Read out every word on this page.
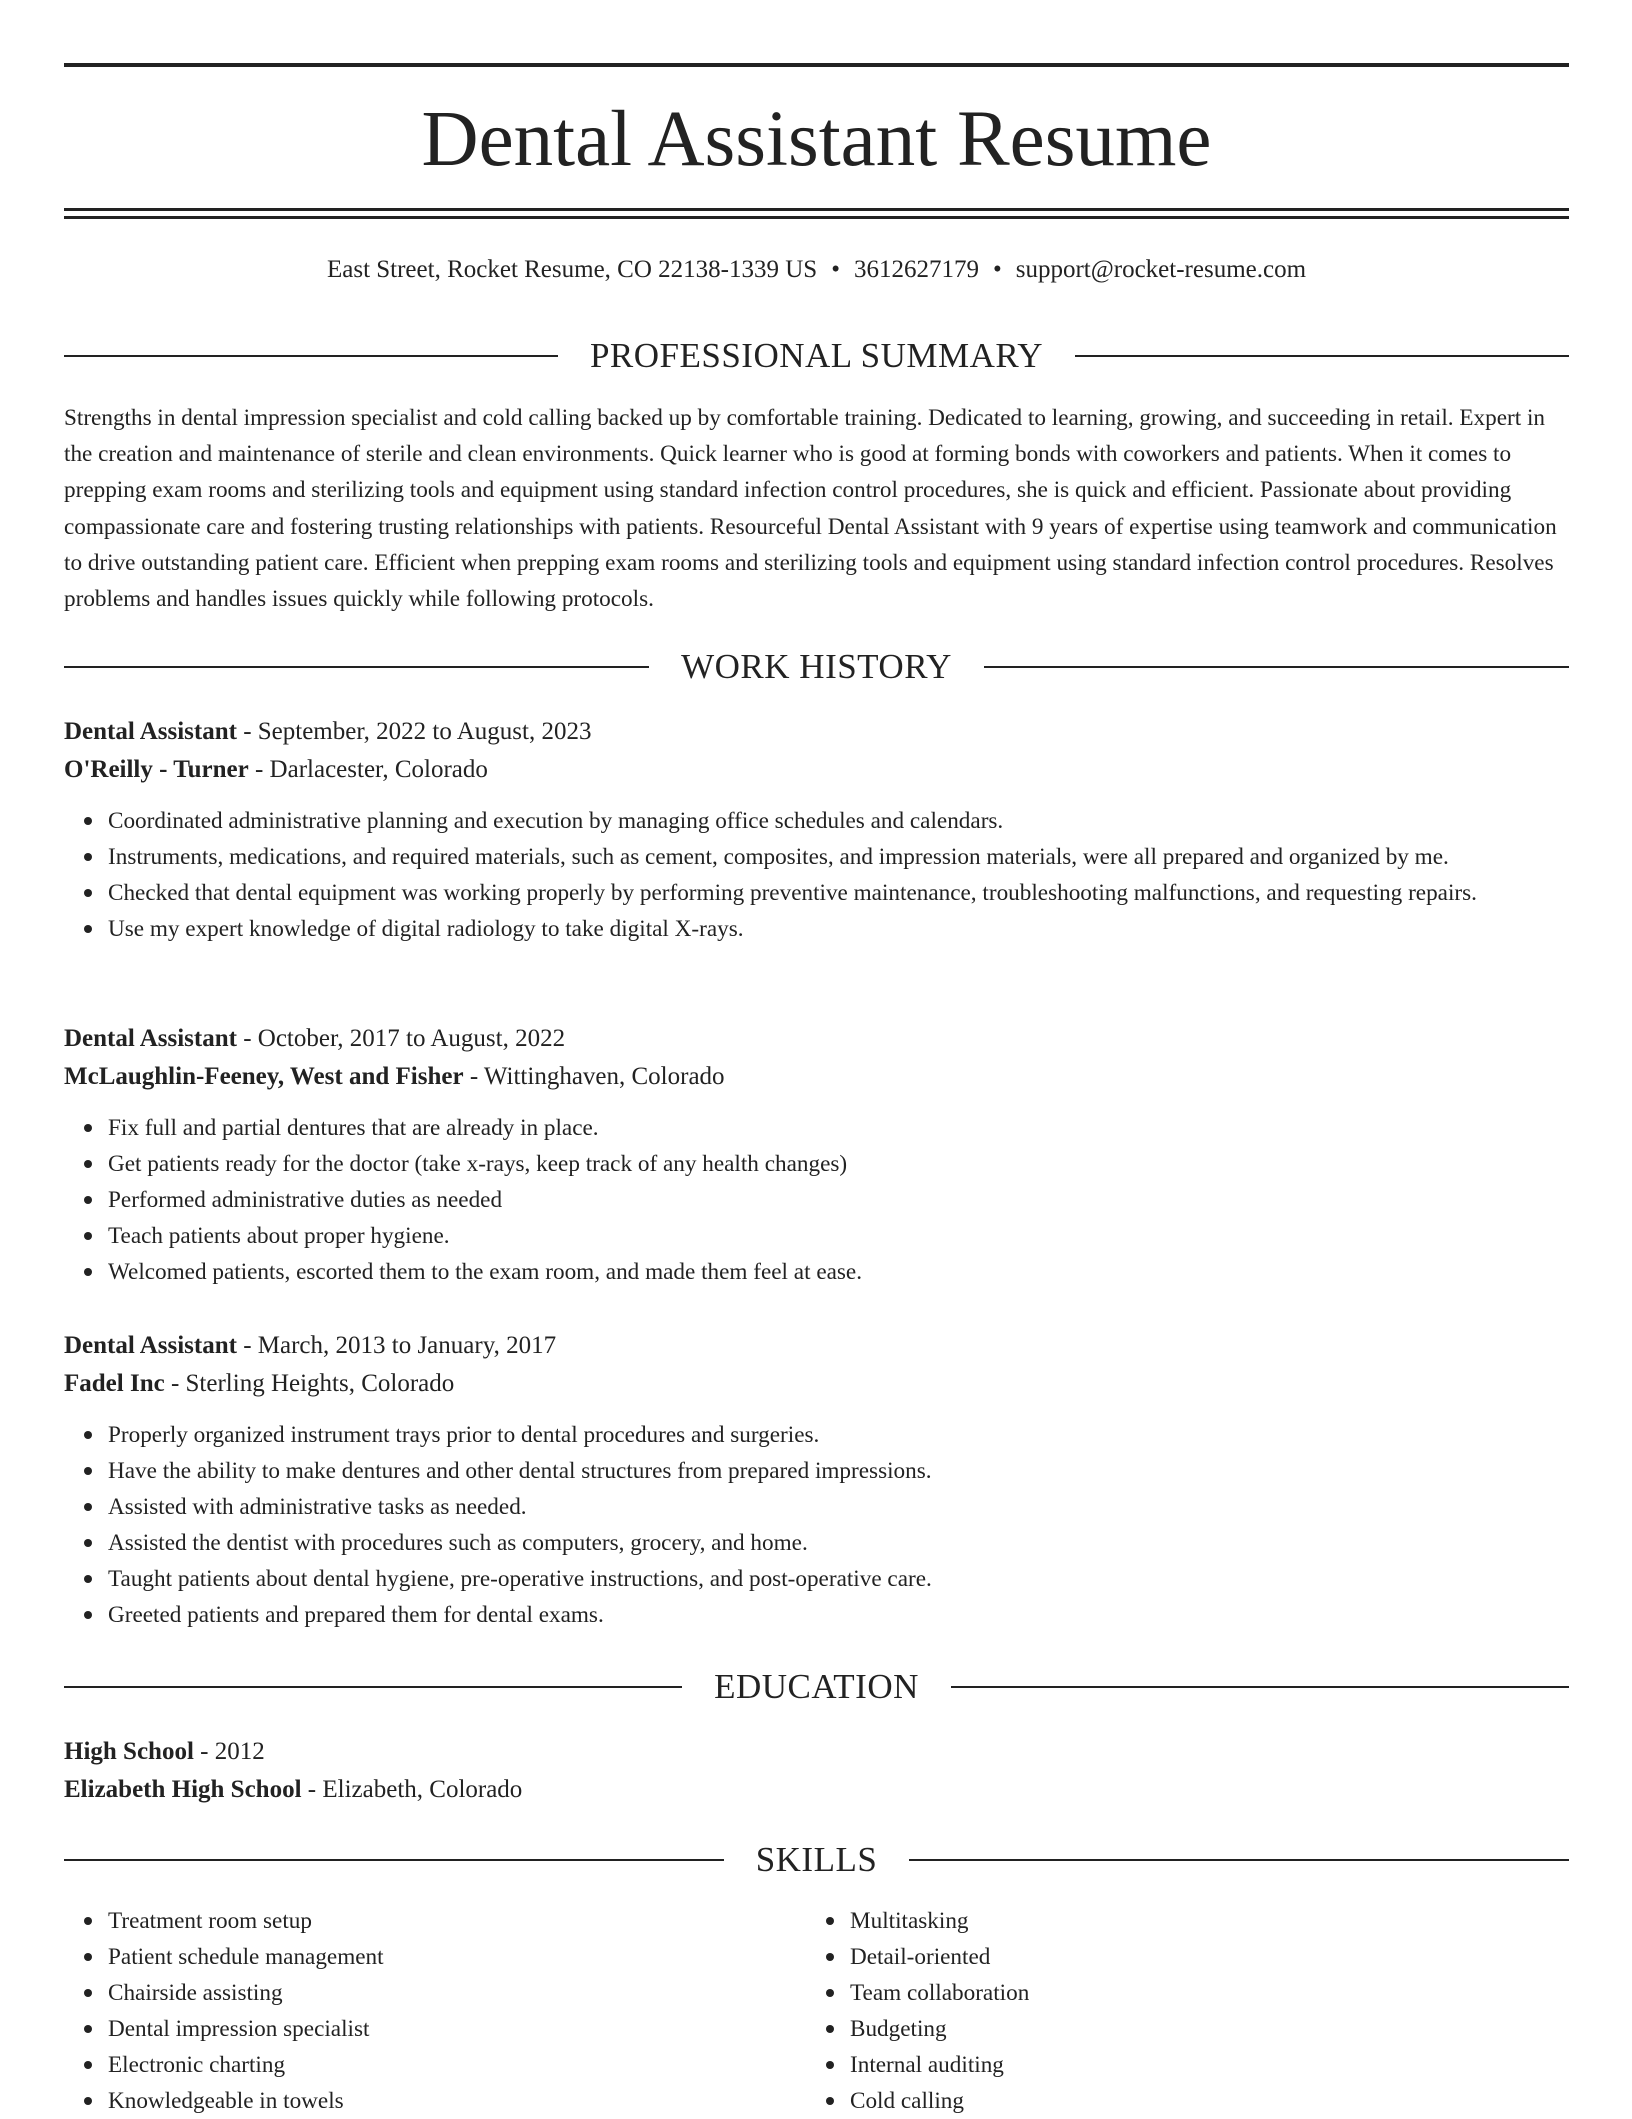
Dental Assistant Resume
East Street, Rocket Resume, CO 22138-1339 US • 3612627179 • support@rocket-resume.com
PROFESSIONAL SUMMARY

Strengths in dental impression specialist and cold calling backed up by comfortable training. Dedicated to learning, growing, and succeeding in retail. Expert in the creation and maintenance of sterile and clean environments. Quick learner who is good at forming bonds with coworkers and patients. When it comes to prepping exam rooms and sterilizing tools and equipment using standard infection control procedures, she is quick and efficient. Passionate about providing compassionate care and fostering trusting relationships with patients. Resourceful Dental Assistant with 9 years of expertise using teamwork and communication to drive outstanding patient care. Efficient when prepping exam rooms and sterilizing tools and equipment using standard infection control procedures. Resolves problems and handles issues quickly while following protocols.

WORK HISTORY
Dental Assistant - September, 2022 to August, 2023
O'Reilly - Turner - Darlacester, Colorado
Coordinated administrative planning and execution by managing office schedules and calendars.
Instruments, medications, and required materials, such as cement, composites, and impression materials, were all prepared and organized by me.
Checked that dental equipment was working properly by performing preventive maintenance, troubleshooting malfunctions, and requesting repairs.
Use my expert knowledge of digital radiology to take digital X-rays.
Dental Assistant - October, 2017 to August, 2022
McLaughlin-Feeney, West and Fisher - Wittinghaven, Colorado
Fix full and partial dentures that are already in place.
Get patients ready for the doctor (take x-rays, keep track of any health changes)
Performed administrative duties as needed
Teach patients about proper hygiene.
Welcomed patients, escorted them to the exam room, and made them feel at ease.
Dental Assistant - March, 2013 to January, 2017
Fadel Inc - Sterling Heights, Colorado
Properly organized instrument trays prior to dental procedures and surgeries.
Have the ability to make dentures and other dental structures from prepared impressions.
Assisted with administrative tasks as needed.
Assisted the dentist with procedures such as computers, grocery, and home.
Taught patients about dental hygiene, pre-operative instructions, and post-operative care.
Greeted patients and prepared them for dental exams.
EDUCATION
High School - 2012
Elizabeth High School - Elizabeth, Colorado
SKILLS
Treatment room setup
Patient schedule management
Chairside assisting
Dental impression specialist
Electronic charting
Knowledgeable in towels
Multitasking
Detail-oriented
Team collaboration
Budgeting
Internal auditing
Cold calling
